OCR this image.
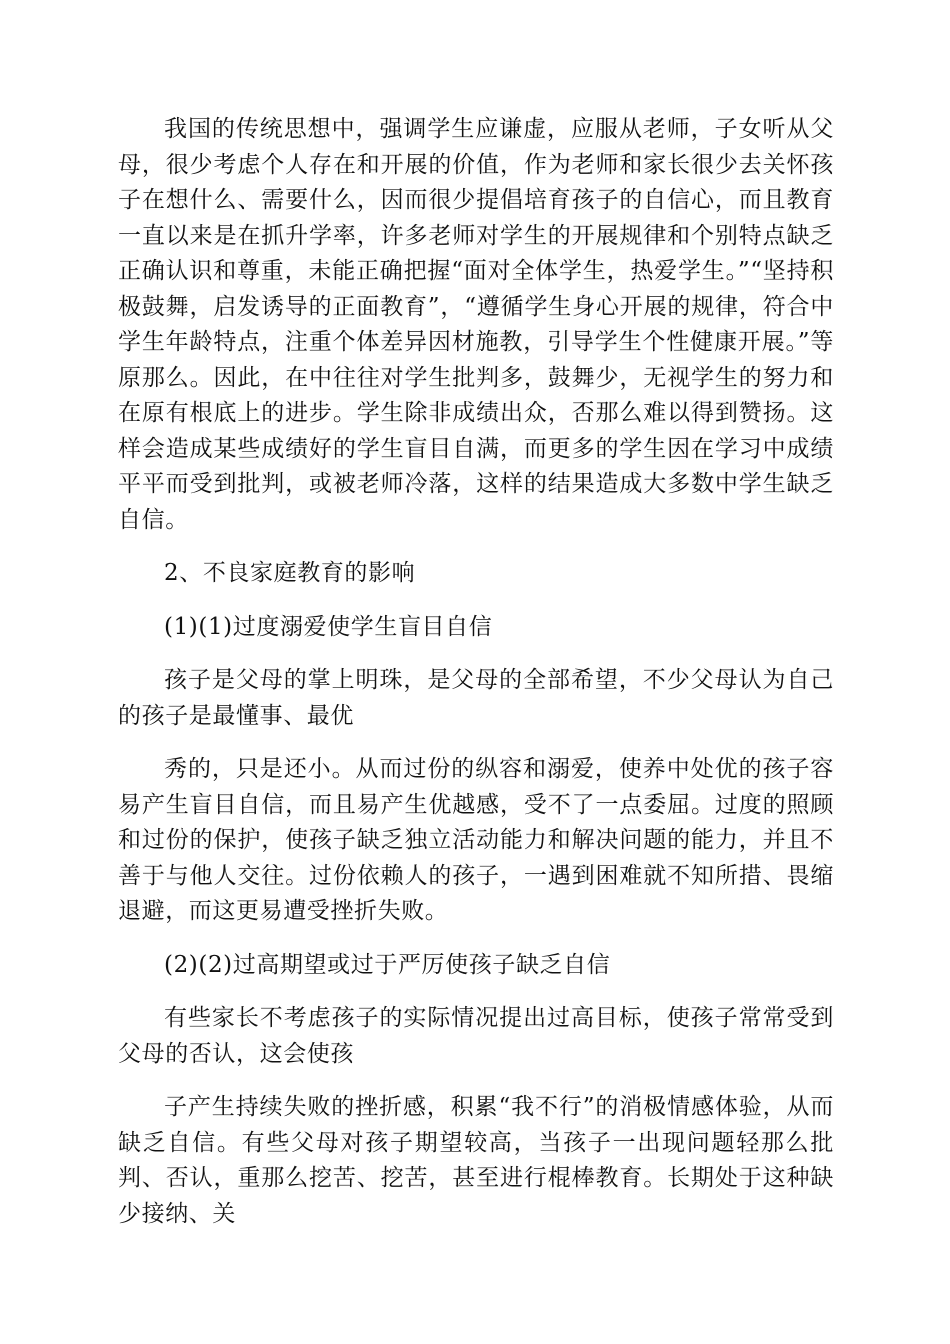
我国的传统思想中，强调学生应谦虚，应服从老师，子女听从父母，很少考虑个人存在和开展的价值，作为老师和家长很少去关怀孩子在想什么、需要什么，因而很少提倡培育孩子的自信心，而且教育一直以来是在抓升学率，许多老师对学生的开展规律和个别特点缺乏正确认识和尊重，未能正确把握“面对全体学生，热爱学生。”“坚持积极鼓舞，启发诱导的正面教育”，“遵循学生身心开展的规律，符合中学生年龄特点，注重个体差异因材施教，引导学生个性健康开展。”等原那么。因此，在中往往对学生批判多，鼓舞少，无视学生的努力和在原有根底上的进步。学生除非成绩出众，否那么难以得到赞扬。这样会造成某些成绩好的学生盲目自满，而更多的学生因在学习中成绩平平而受到批判，或被老师冷落，这样的结果造成大多数中学生缺乏自信。

2、不良家庭教育的影响

(1)(1)过度溺爱使学生盲目自信

孩子是父母的掌上明珠，是父母的全部希望，不少父母认为自己的孩子是最懂事、最优

秀的，只是还小。从而过份的纵容和溺爱，使养中处优的孩子容易产生盲目自信，而且易产生优越感，受不了一点委屈。过度的照顾和过份的保护，使孩子缺乏独立活动能力和解决问题的能力，并且不善于与他人交往。过份依赖人的孩子，一遇到困难就不知所措、畏缩退避，而这更易遭受挫折失败。

(2)(2)过高期望或过于严厉使孩子缺乏自信

有些家长不考虑孩子的实际情况提出过高目标，使孩子常常受到父母的否认，这会使孩

子产生持续失败的挫折感，积累“我不行”的消极情感体验，从而缺乏自信。有些父母对孩子期望较高，当孩子一出现问题轻那么批判、否认，重那么挖苦、挖苦，甚至进行棍棒教育。长期处于这种缺少接纳、关
